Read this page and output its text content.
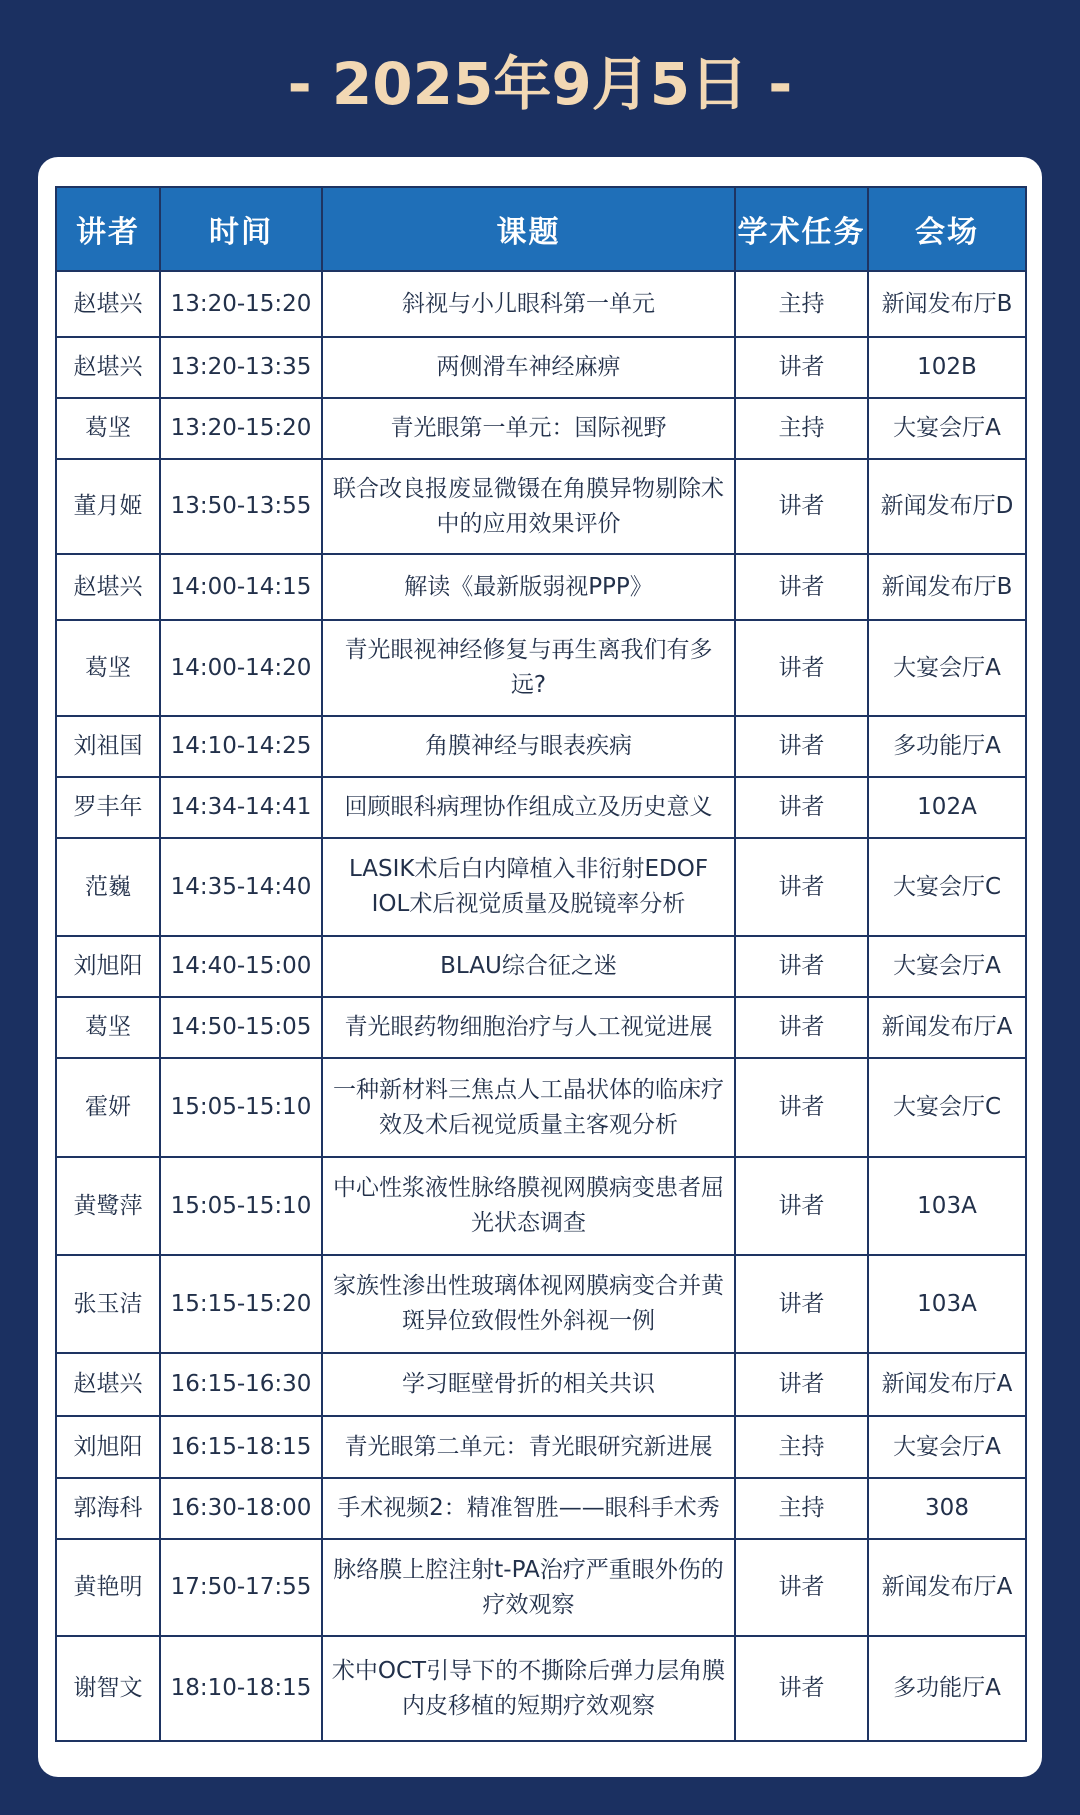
- 2025年9月5日 -
讲者	时间	课题	学术任务	会场
赵堪兴	13:20-15:20	斜视与小儿眼科第一单元	主持	新闻发布厅B
赵堪兴	13:20-13:35	两侧滑车神经麻痹	讲者	102B
葛坚	13:20-15:20	青光眼第一单元：国际视野	主持	大宴会厅A
董月姬	13:50-13:55	联合改良报废显微镊在角膜异物剔除术中的应用效果评价	讲者	新闻发布厅D
赵堪兴	14:00-14:15	解读《最新版弱视PPP》	讲者	新闻发布厅B
葛坚	14:00-14:20	青光眼视神经修复与再生离我们有多远?	讲者	大宴会厅A
刘祖国	14:10-14:25	角膜神经与眼表疾病	讲者	多功能厅A
罗丰年	14:34-14:41	回顾眼科病理协作组成立及历史意义	讲者	102A
范巍	14:35-14:40	LASIK术后白内障植入非衍射EDOF IOL术后视觉质量及脱镜率分析	讲者	大宴会厅C
刘旭阳	14:40-15:00	BLAU综合征之迷	讲者	大宴会厅A
葛坚	14:50-15:05	青光眼药物细胞治疗与人工视觉进展	讲者	新闻发布厅A
霍妍	15:05-15:10	一种新材料三焦点人工晶状体的临床疗效及术后视觉质量主客观分析	讲者	大宴会厅C
黄鹭萍	15:05-15:10	中心性浆液性脉络膜视网膜病变患者屈光状态调查	讲者	103A
张玉洁	15:15-15:20	家族性渗出性玻璃体视网膜病变合并黄斑异位致假性外斜视一例	讲者	103A
赵堪兴	16:15-16:30	学习眶壁骨折的相关共识	讲者	新闻发布厅A
刘旭阳	16:15-18:15	青光眼第二单元：青光眼研究新进展	主持	大宴会厅A
郭海科	16:30-18:00	手术视频2：精准智胜——眼科手术秀	主持	308
黄艳明	17:50-17:55	脉络膜上腔注射t-PA治疗严重眼外伤的疗效观察	讲者	新闻发布厅A
谢智文	18:10-18:15	术中OCT引导下的不撕除后弹力层角膜内皮移植的短期疗效观察	讲者	多功能厅A
